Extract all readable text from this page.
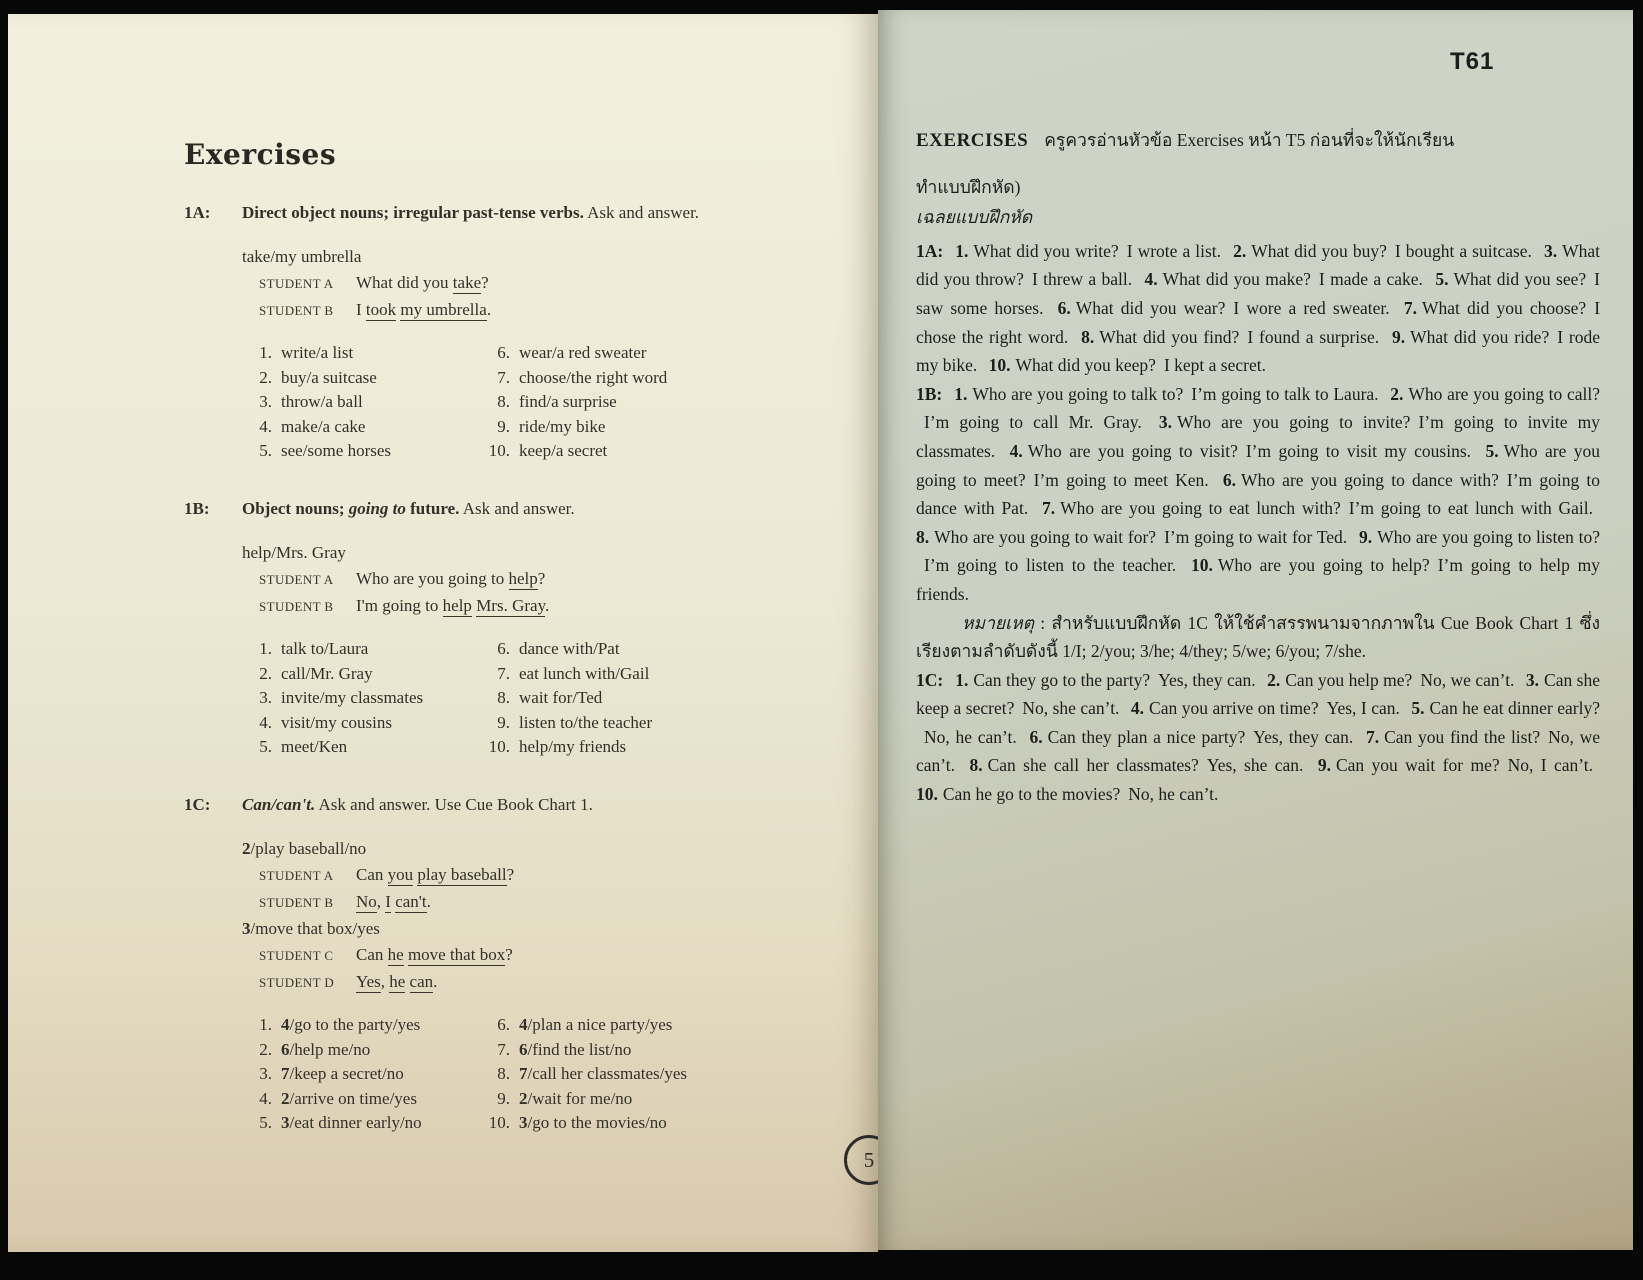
Exercises
1A:	Direct object nouns; irregular past-tense verbs. Ask and answer.
take/my umbrella
STUDENT A What did you take?
STUDENT B I took my umbrella.
1. write/a list
2. buy/a suitcase
3. throw/a ball
4. make/a cake
5. see/some horses
6. wear/a red sweater
7. choose/the right word
8. find/a surprise
9. ride/my bike
10. keep/a secret
1B:	Object nouns; going to future. Ask and answer.
help/Mrs. Gray
STUDENT A Who are you going to help?
STUDENT B I'm going to help Mrs. Gray.
1. talk to/Laura
2. call/Mr. Gray
3. invite/my classmates
4. visit/my cousins
5. meet/Ken
6. dance with/Pat
7. eat lunch with/Gail
8. wait for/Ted
9. listen to/the teacher
10. help/my friends
1C:	Can/can't. Ask and answer. Use Cue Book Chart 1.
2/play baseball/no
STUDENT A Can you play baseball?
STUDENT B No, I can't.
3/move that box/yes
STUDENT C Can he move that box?
STUDENT D Yes, he can.
1. 4/go to the party/yes
2. 6/help me/no
3. 7/keep a secret/no
4. 2/arrive on time/yes
5. 3/eat dinner early/no
6. 4/plan a nice party/yes
7. 6/find the list/no
8. 7/call her classmates/yes
9. 2/wait for me/no
10. 3/go to the movies/no
5
T61
EXERCISES ครูควรอ่านหัวข้อ Exercises หน้า T5 ก่อนที่จะให้นักเรียน
ทำแบบฝึกหัด)
เฉลยแบบฝึกหัด

1A: 1. What did you write? I wrote a list. 2. What did you buy? I bought a suitcase. 3. What did you throw? I threw a ball. 4. What did you make? I made a cake. 5. What did you see? I saw some horses. 6. What did you wear? I wore a red sweater. 7. What did you choose? I chose the right word. 8. What did you find? I found a surprise. 9. What did you ride? I rode my bike. 10. What did you keep? I kept a secret.

1B: 1. Who are you going to talk to? I’m going to talk to Laura. 2. Who are you going to call?I’m going to call Mr. Gray. 3. Who are you going to invite? I’m going to invite my classmates. 4. Who are you going to visit? I’m going to visit my cousins. 5. Who are you going to meet? I’m going to meet Ken. 6. Who are you going to dance with? I’m going to dance with Pat. 7. Who are you going to eat lunch with? I’m going to eat lunch with Gail. 8. Who are you going to wait for? I’m going to wait for Ted. 9. Who are you going to listen to?I’m going to listen to the teacher. 10. Who are you going to help? I’m going to help my friends.

หมายเหตุ : สำหรับแบบฝึกหัด 1C ให้ใช้คำสรรพนามจากภาพใน Cue Book Chart 1 ซึ่งเรียงตามลำดับดังนี้ 1/I; 2/you; 3/he; 4/they; 5/we; 6/you; 7/she.

1C: 1. Can they go to the party? Yes, they can. 2. Can you help me? No, we can’t. 3. Can she keep a secret? No, she can’t. 4. Can you arrive on time? Yes, I can. 5. Can he eat dinner early?No, he can’t. 6. Can they plan a nice party? Yes, they can. 7. Can you find the list? No, we can’t. 8. Can she call her classmates? Yes, she can. 9. Can you wait for me? No, I can’t. 10. Can he go to the movies? No, he can’t.
